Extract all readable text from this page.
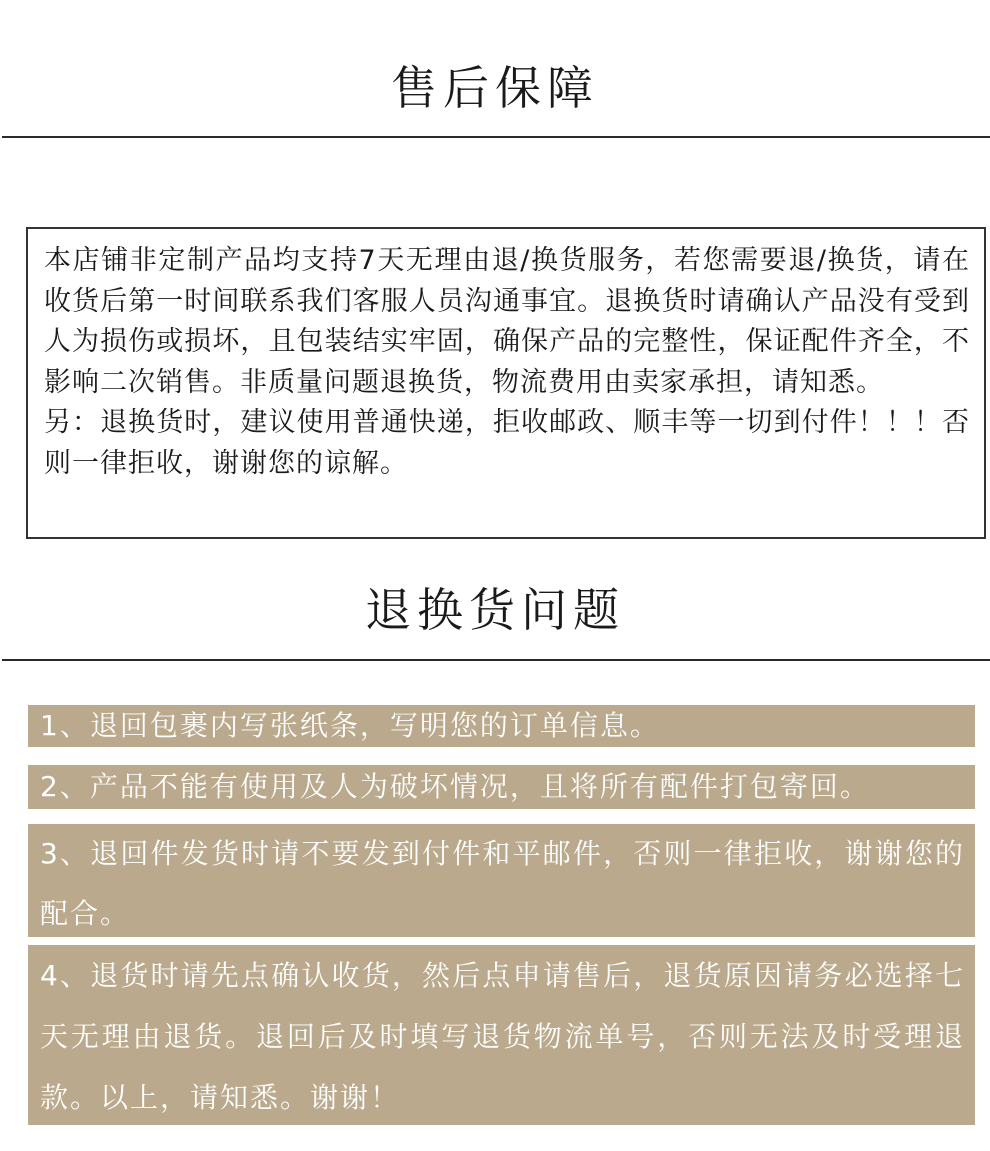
售后保障

本店铺非定制产品均支持7天无理由退/换货服务，若您需要退/换货，请在收货后第一时间联系我们客服人员沟通事宜。退换货时请确认产品没有受到人为损伤或损坏，且包装结实牢固，确保产品的完整性，保证配件齐全，不影响二次销售。非质量问题退换货，物流费用由卖家承担，请知悉。

另：退换货时，建议使用普通快递，拒收邮政、顺丰等一切到付件！！！否则一律拒收，谢谢您的谅解。

退换货问题
1、退回包裹内写张纸条，写明您的订单信息。
2、产品不能有使用及人为破坏情况，且将所有配件打包寄回。
3、退回件发货时请不要发到付件和平邮件，否则一律拒收，谢谢您的配合。
4、退货时请先点确认收货，然后点申请售后，退货原因请务必选择七天无理由退货。退回后及时填写退货物流单号，否则无法及时受理退款。以上，请知悉。谢谢！
